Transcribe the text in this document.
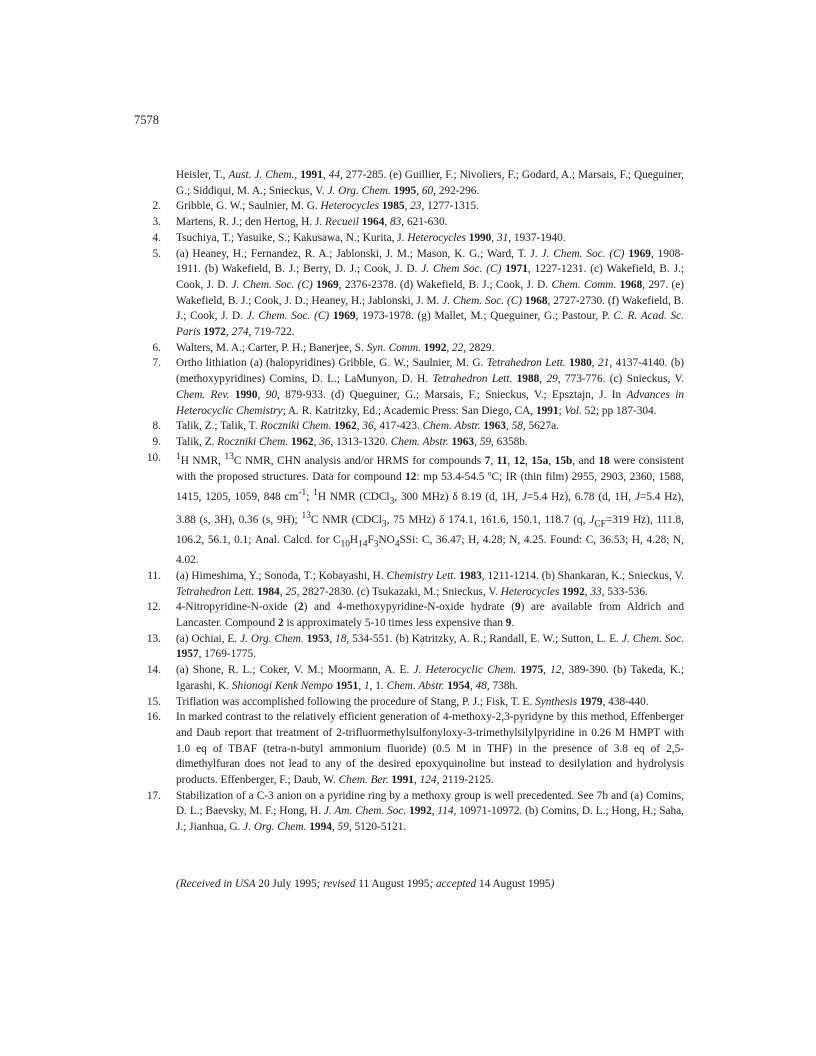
7578
Heisler, T., Aust. J. Chem., 1991, 44, 277-285. (e) Guillier, F.; Nivoliers, F.; Godard, A.; Marsais, F.; Queguiner, G.; Siddiqui, M. A.; Snieckus, V. J. Org. Chem. 1995, 60, 292-296.
2. Gribble, G. W.; Saulnier, M. G. Heterocycles 1985, 23, 1277-1315.
3. Martens, R. J.; den Hertog, H. J. Recueil 1964, 83, 621-630.
4. Tsuchiya, T.; Yasuike, S.; Kakusawa, N.; Kurita, J. Heterocycles 1990, 31, 1937-1940.
5. (a) Heaney, H.; Fernandez, R. A.; Jablonski, J. M.; Mason, K. G.; Ward, T. J. J. Chem. Soc. (C) 1969, 1908-1911. (b) Wakefield, B. J.; Berry, D. J.; Cook, J. D. J. Chem Soc. (C) 1971, 1227-1231. (c) Wakefield, B. J.; Cook, J. D. J. Chem. Soc. (C) 1969, 2376-2378. (d) Wakefield, B. J.; Cook, J. D. Chem. Comm. 1968, 297. (e) Wakefield, B. J.; Cook, J. D.; Heaney, H.; Jablonski, J. M. J. Chem. Soc. (C) 1968, 2727-2730. (f) Wakefield, B. J.; Cook, J. D. J. Chem. Soc. (C) 1969, 1973-1978. (g) Mallet, M.; Queguiner, G.; Pastour, P. C. R. Acad. Sc. Paris 1972, 274, 719-722.
6. Walters, M. A.; Carter, P. H.; Banerjee, S. Syn. Comm. 1992, 22, 2829.
7. Ortho lithiation (a) (halopyridines) Gribble, G. W.; Saulnier, M. G. Tetrahedron Lett. 1980, 21, 4137-4140. (b) (methoxypyridines) Comins, D. L.; LaMunyon, D. H. Tetrahedron Lett. 1988, 29, 773-776. (c) Snieckus, V. Chem. Rev. 1990, 90, 879-933. (d) Queguiner, G.; Marsais, F.; Snieckus, V.; Epsztajn, J. In Advances in Heterocyclic Chemistry; A. R. Katritzky, Ed.; Academic Press: San Diego, CA, 1991; Vol. 52; pp 187-304.
8. Talik, Z.; Talik, T. Roczniki Chem. 1962, 36, 417-423. Chem. Abstr. 1963, 58, 5627a.
9. Talik, Z. Roczniki Chem. 1962, 36, 1313-1320. Chem. Abstr. 1963, 59, 6358b.
10. $^1$H NMR, $^{13}$C NMR, CHN analysis and/or HRMS for compounds 7, 11, 12, 15a, 15b, and 18 were consistent with the proposed structures. Data for compound 12: mp 53.4-54.5 ºC; IR (thin film) 2955, 2903, 2360, 1588, 1415, 1205, 1059, 848 $cm^{-1}$; $^1$H NMR (CDCl$_3$, 300 MHz) δ 8.19 (d, 1H, J=5.4 Hz), 6.78 (d, 1H, J=5.4 Hz), 3.88 (s, 3H), 0.36 (s, 9H); $^{13}$C NMR (CDCl$_3$, 75 MHz) δ 174.1, 161.6, 150.1, 118.7 (q, $J_{CF}=319$ Hz), 111.8, 106.2, 56.1, 0.1; Anal. Calcd. for $C_{10}H_{14}F_3NO_4SSi$: C, 36.47; H, 4.28; N, 4.25. Found: C, 36.53; H, 4.28; N, 4.02.
11. (a) Himeshima, Y.; Sonoda, T.; Kobayashi, H. Chemistry Lett. 1983, 1211-1214. (b) Shankaran, K.; Snieckus, V. Tetrahedron Lett. 1984, 25, 2827-2830. (c) Tsukazaki, M.; Snieckus, V. Heterocycles 1992, 33, 533-536.
12. 4-Nitropyridine-N-oxide (2) and 4-methoxypyridine-N-oxide hydrate (9) are available from Aldrich and Lancaster. Compound 2 is approximately 5-10 times less expensive than 9.
13. (a) Ochiai, E. J. Org. Chem. 1953, 18, 534-551. (b) Katritzky, A. R.; Randall, E. W.; Sutton, L. E. J. Chem. Soc. 1957, 1769-1775.
14. (a) Shone, R. L.; Coker, V. M.; Moormann, A. E. J. Heterocyclic Chem. 1975, 12, 389-390. (b) Takeda, K.; Igarashi, K. Shionogi Kenk Nempo 1951, 1, 1. Chem. Abstr. 1954, 48, 738h.
15. Triflation was accomplished following the procedure of Stang, P. J.; Fisk, T. E. Synthesis 1979, 438-440.
16. In marked contrast to the relatively efficient generation of 4-methoxy-2,3-pyridyne by this method, Effenberger and Daub report that treatment of 2-trifluormethylsulfonyloxy-3-trimethylsilylpyridine in 0.26 M HMPT with 1.0 eq of TBAF (tetra-n-butyl ammonium fluoride) (0.5 M in THF) in the presence of 3.8 eq of 2,5-dimethylfuran does not lead to any of the desired epoxyquinoline but instead to desilylation and hydrolysis products. Effenberger, F.; Daub, W. Chem. Ber. 1991, 124, 2119-2125.
17. Stabilization of a C-3 anion on a pyridine ring by a methoxy group is well precedented. See 7b and (a) Comins, D. L.; Baevsky, M. F.; Hong, H. J. Am. Chem. Soc. 1992, 114, 10971-10972. (b) Comins, D. L.; Hong, H.; Saha, J.; Jianhua, G. J. Org. Chem. 1994, 59, 5120-5121.
(Received in USA 20 July 1995; revised 11 August 1995; accepted 14 August 1995)
